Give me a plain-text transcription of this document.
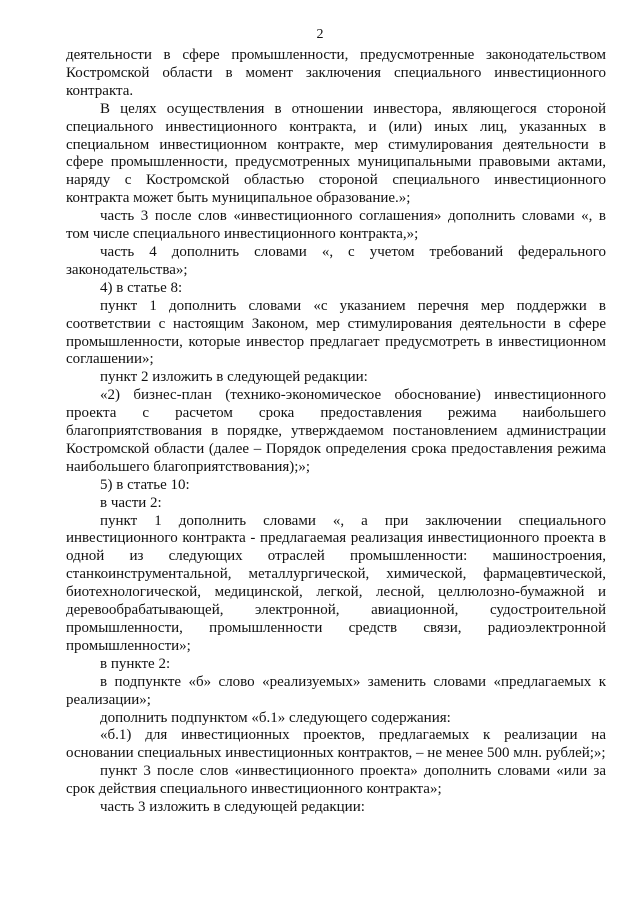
2

деятельности в сфере промышленности, предусмотренные законодательством Костромской области в момент заключения специального инвестиционного контракта.

В целях осуществления в отношении инвестора, являющегося стороной специального инвестиционного контракта, и (или) иных лиц, указанных в специальном инвестиционном контракте, мер стимулирования деятельности в сфере промышленности, предусмотренных муниципальными правовыми актами, наряду с Костромской областью стороной специального инвестиционного контракта может быть муниципальное образование.»;

часть 3 после слов «инвестиционного соглашения» дополнить словами «, в том числе специального инвестиционного контракта,»;

часть 4 дополнить словами «, с учетом требований федерального законодательства»;

4) в статье 8:

пункт 1 дополнить словами «с указанием перечня мер поддержки в соответствии с настоящим Законом, мер стимулирования деятельности в сфере промышленности, которые инвестор предлагает предусмотреть в инвестиционном соглашении»;

пункт 2 изложить в следующей редакции:

«2) бизнес-план (технико-экономическое обоснование) инвестиционного проекта с расчетом срока предоставления режима наибольшего благоприятствования в порядке, утверждаемом постановлением администрации Костромской области (далее – Порядок определения срока предоставления режима наибольшего благоприятствования);»;

5) в статье 10:

в части 2:

пункт 1 дополнить словами «, а при заключении специального инвестиционного контракта - предлагаемая реализация инвестиционного проекта в одной из следующих отраслей промышленности: машиностроения, станкоинструментальной, металлургической, химической, фармацевтической, биотехнологической, медицинской, легкой, лесной, целлюлозно-бумажной и деревообрабатывающей, электронной, авиационной, судостроительной промышленности, промышленности средств связи, радиоэлектронной промышленности»;

в пункте 2:

в подпункте «б» слово «реализуемых» заменить словами «предлагаемых к реализации»;

дополнить подпунктом «б.1» следующего содержания:

«б.1) для инвестиционных проектов, предлагаемых к реализации на основании специальных инвестиционных контрактов, – не менее 500 млн. рублей;»;

пункт 3 после слов «инвестиционного проекта» дополнить словами «или за срок действия специального инвестиционного контракта»;

часть 3 изложить в следующей редакции:
